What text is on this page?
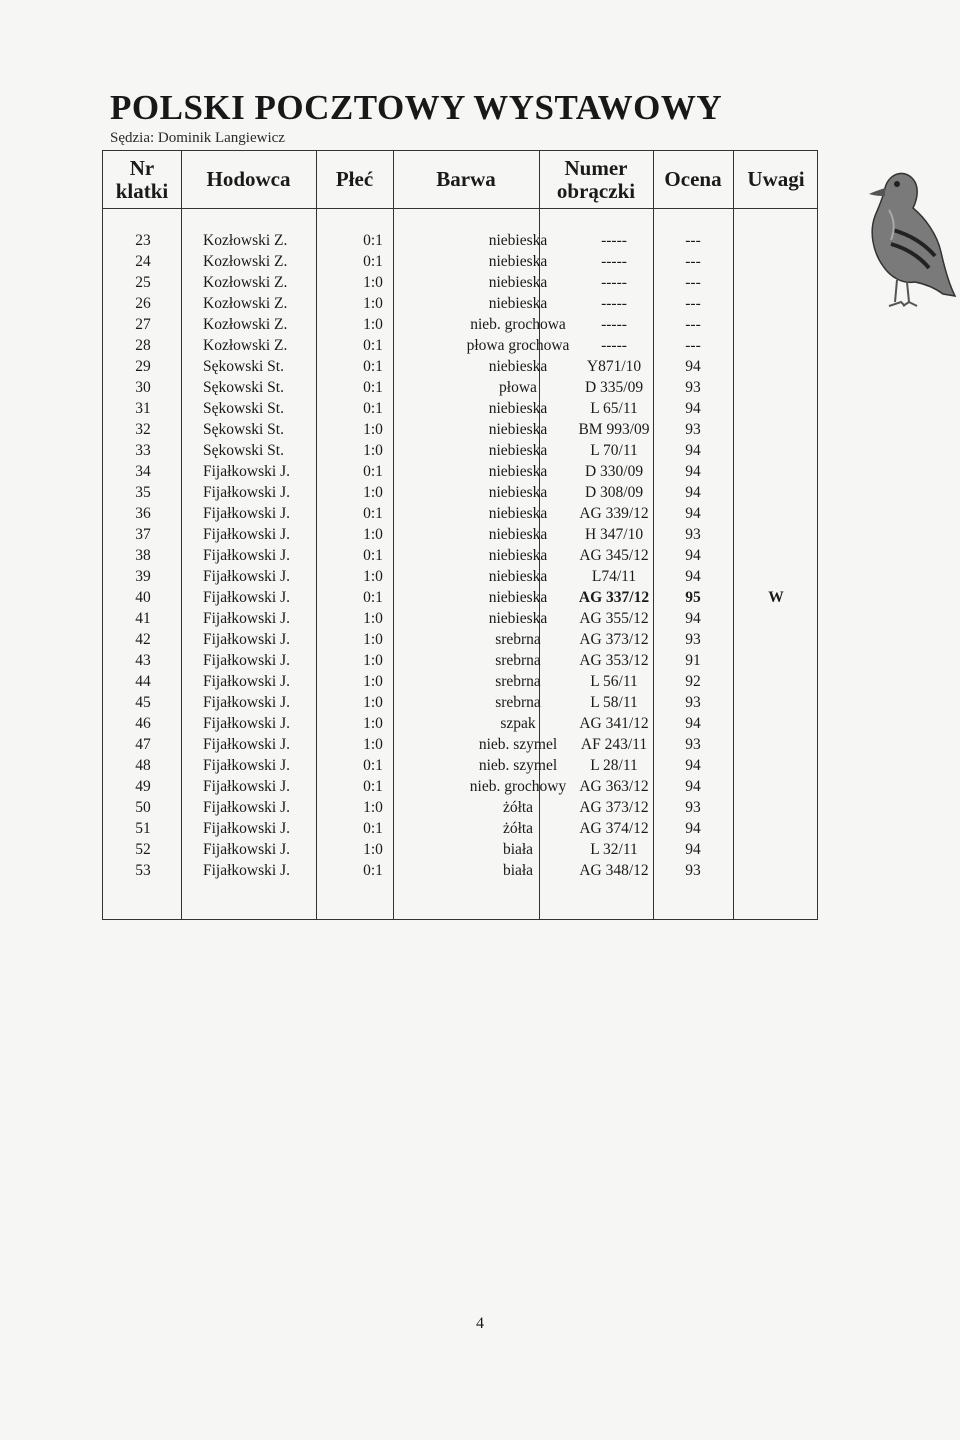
POLSKI POCZTOWY WYSTAWOWY
Sędzia: Dominik Langiewicz
Nr
klatki	Hodowca	Płeć	Barwa	Numer
obrączki	Ocena	Uwagi
23	Kozłowski Z.	0:1	niebieska	-----	---
24	Kozłowski Z.	0:1	niebieska	-----	---
25	Kozłowski Z.	1:0	niebieska	-----	---
26	Kozłowski Z.	1:0	niebieska	-----	---
27	Kozłowski Z.	1:0	nieb. grochowa	-----	---
28	Kozłowski Z.	0:1	płowa grochowa	-----	---
29	Sękowski St.	0:1	niebieska	Y871/10	94
30	Sękowski St.	0:1	płowa	D 335/09	93
31	Sękowski St.	0:1	niebieska	L 65/11	94
32	Sękowski St.	1:0	niebieska	BM 993/09	93
33	Sękowski St.	1:0	niebieska	L 70/11	94
34	Fijałkowski J.	0:1	niebieska	D 330/09	94
35	Fijałkowski J.	1:0	niebieska	D 308/09	94
36	Fijałkowski J.	0:1	niebieska	AG 339/12	94
37	Fijałkowski J.	1:0	niebieska	H 347/10	93
38	Fijałkowski J.	0:1	niebieska	AG 345/12	94
39	Fijałkowski J.	1:0	niebieska	L74/11	94
40	Fijałkowski J.	0:1	niebieska	AG 337/12	95	W
41	Fijałkowski J.	1:0	niebieska	AG 355/12	94
42	Fijałkowski J.	1:0	srebrna	AG 373/12	93
43	Fijałkowski J.	1:0	srebrna	AG 353/12	91
44	Fijałkowski J.	1:0	srebrna	L 56/11	92
45	Fijałkowski J.	1:0	srebrna	L 58/11	93
46	Fijałkowski J.	1:0	szpak	AG 341/12	94
47	Fijałkowski J.	1:0	nieb. szymel	AF 243/11	93
48	Fijałkowski J.	0:1	nieb. szymel	L 28/11	94
49	Fijałkowski J.	0:1	nieb. grochowy AG 363/12	94
50	Fijałkowski J.	1:0	żółta	AG 373/12	93
51	Fijałkowski J.	0:1	żółta	AG 374/12	94
52	Fijałkowski J.	1:0	biała	L 32/11	94
53	Fijałkowski J.	0:1	biała	AG 348/12	93
4
